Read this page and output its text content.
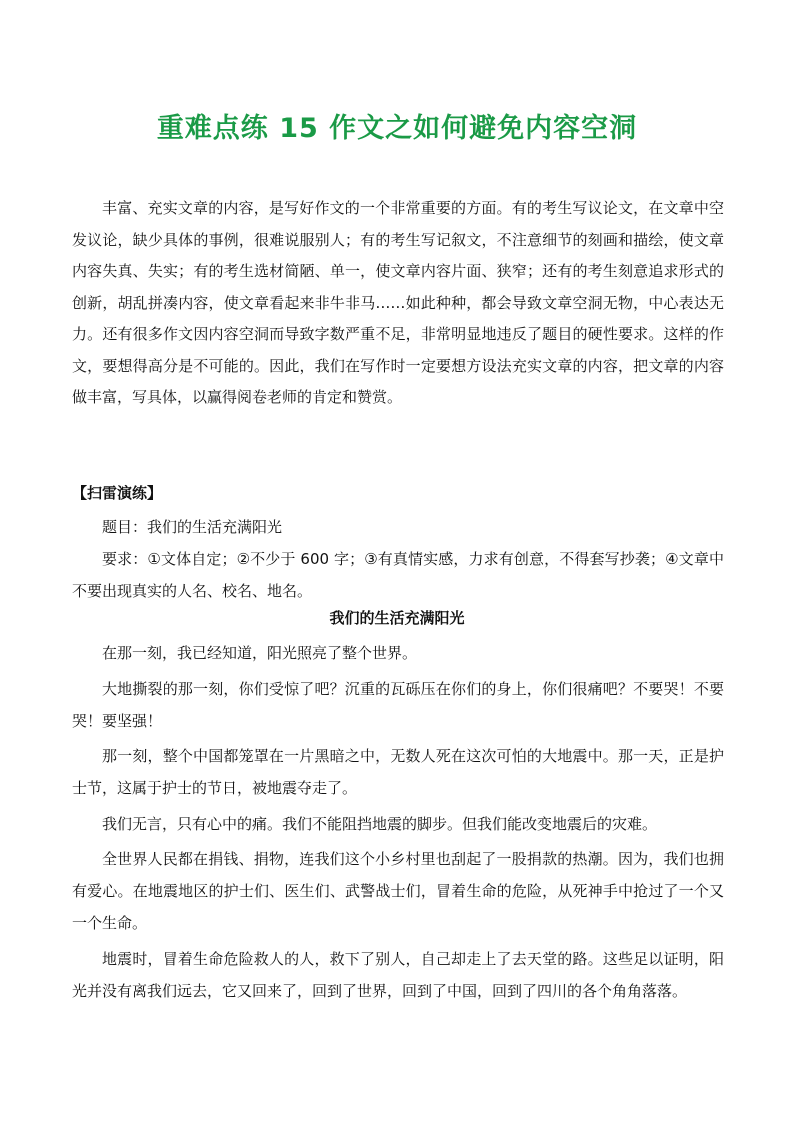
重难点练 15 作文之如何避免内容空洞
丰富、充实文章的内容，是写好作文的一个非常重要的方面。有的考生写议论文，在文章中空发议论，缺少具体的事例，很难说服别人；有的考生写记叙文，不注意细节的刻画和描绘，使文章内容失真、失实；有的考生选材简陋、单一，使文章内容片面、狭窄；还有的考生刻意追求形式的创新，胡乱拼凑内容，使文章看起来非牛非马……如此种种，都会导致文章空洞无物，中心表达无力。还有很多作文因内容空洞而导致字数严重不足，非常明显地违反了题目的硬性要求。这样的作文，要想得高分是不可能的。因此，我们在写作时一定要想方设法充实文章的内容，把文章的内容做丰富，写具体，以赢得阅卷老师的肯定和赞赏。
【扫雷演练】
题目：我们的生活充满阳光
要求：①文体自定；②不少于 600 字；③有真情实感，力求有创意，不得套写抄袭；④文章中不要出现真实的人名、校名、地名。
我们的生活充满阳光

在那一刻，我已经知道，阳光照亮了整个世界。

大地撕裂的那一刻，你们受惊了吧？沉重的瓦砾压在你们的身上，你们很痛吧？不要哭！不要哭！要坚强！

那一刻，整个中国都笼罩在一片黑暗之中，无数人死在这次可怕的大地震中。那一天，正是护士节，这属于护士的节日，被地震夺走了。

我们无言，只有心中的痛。我们不能阻挡地震的脚步。但我们能改变地震后的灾难。

全世界人民都在捐钱、捐物，连我们这个小乡村里也刮起了一股捐款的热潮。因为，我们也拥有爱心。在地震地区的护士们、医生们、武警战士们，冒着生命的危险，从死神手中抢过了一个又一个生命。

地震时，冒着生命危险救人的人，救下了别人，自己却走上了去天堂的路。这些足以证明，阳光并没有离我们远去，它又回来了，回到了世界，回到了中国，回到了四川的各个角角落落。
